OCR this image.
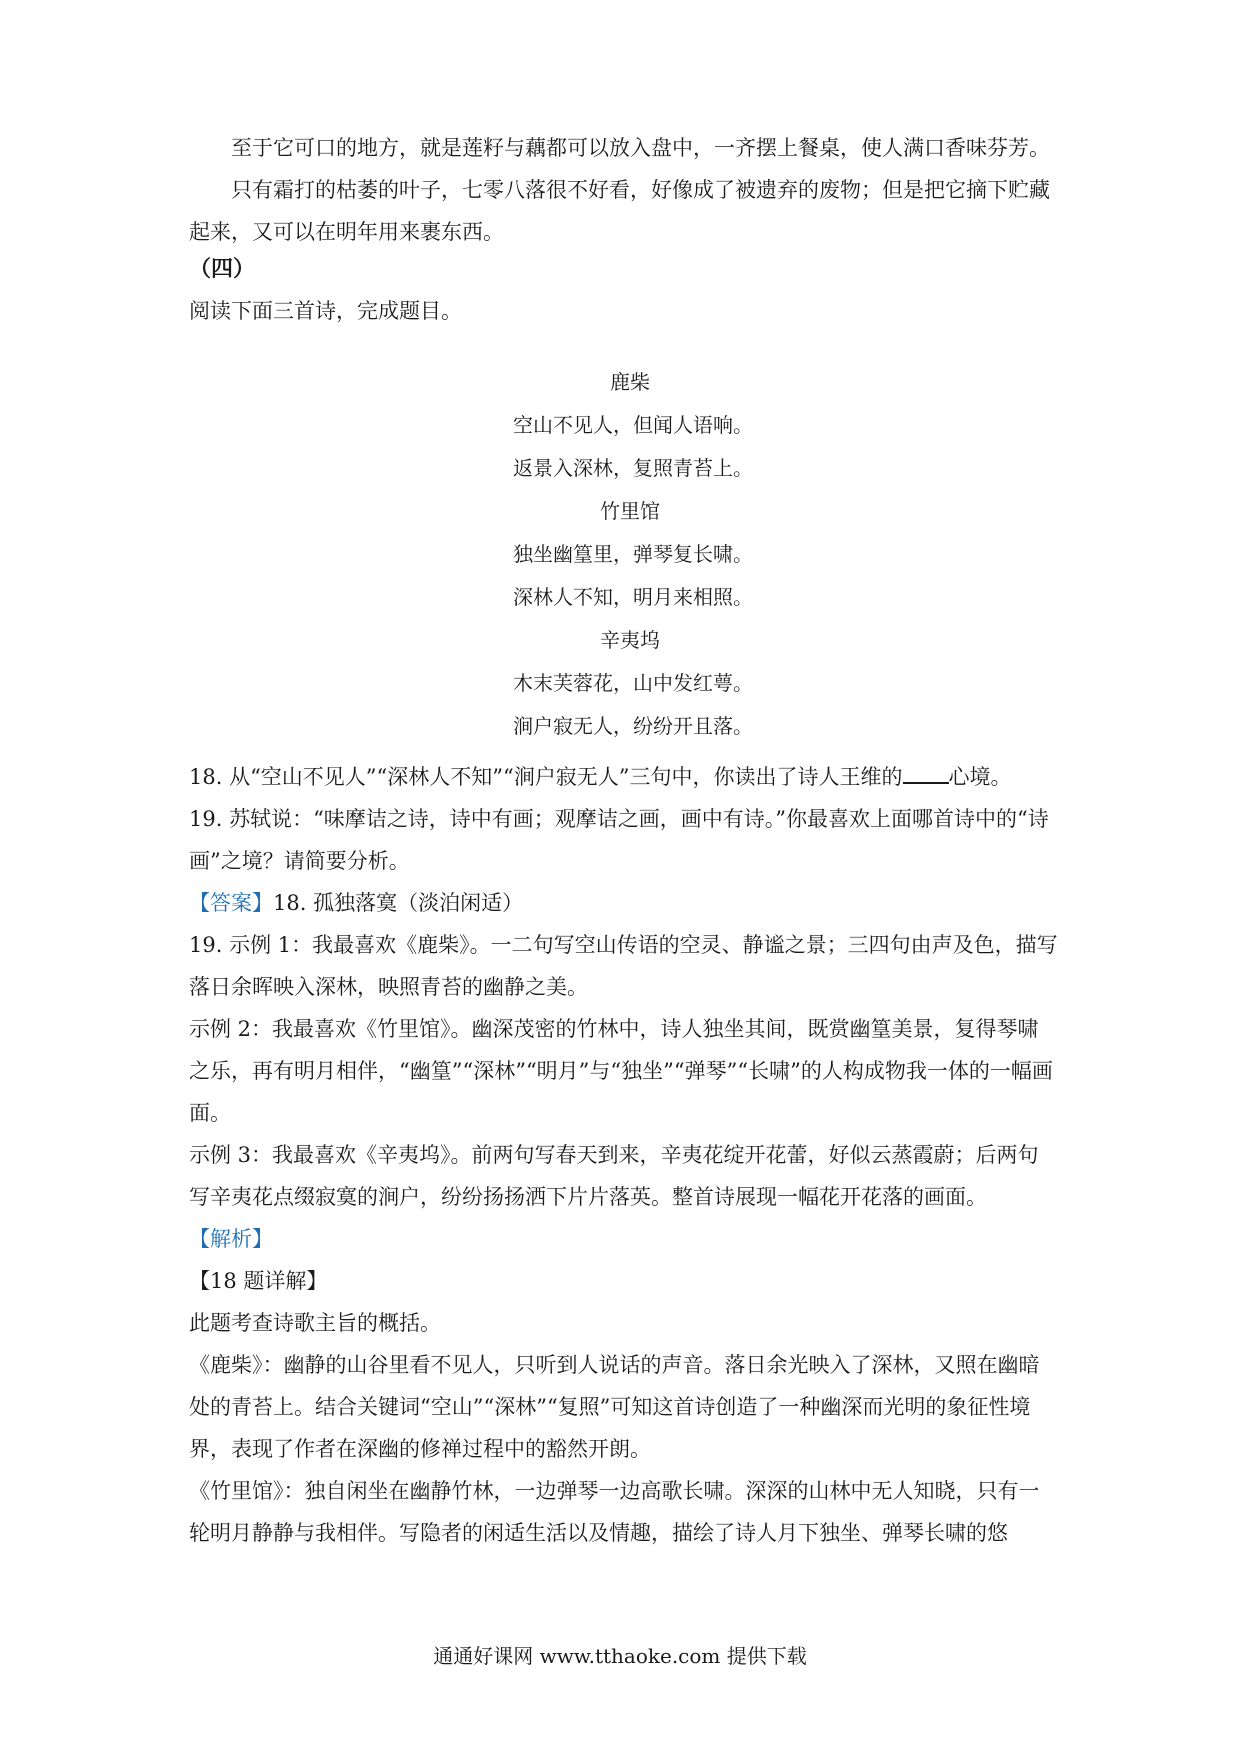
至于它可口的地方，就是莲籽与藕都可以放入盘中，一齐摆上餐桌，使人满口香味芬芳。

只有霜打的枯萎的叶子，七零八落很不好看，好像成了被遗弃的废物；但是把它摘下贮藏起来，又可以在明年用来裹东西。

（四）

阅读下面三首诗，完成题目。

鹿柴

空山不见人，但闻人语响。

返景入深林，复照青苔上。

竹里馆

独坐幽篁里，弹琴复长啸。

深林人不知，明月来相照。

辛夷坞

木末芙蓉花，山中发红萼。

涧户寂无人，纷纷开且落。

18. 从“空山不见人”“深林人不知”“涧户寂无人”三句中，你读出了诗人王维的 心境。

19. 苏轼说：“味摩诘之诗，诗中有画；观摩诘之画，画中有诗。”你最喜欢上面哪首诗中的“诗画”之境？请简要分析。

【答案】18. 孤独落寞（淡泊闲适）

19. 示例 1：我最喜欢《鹿柴》。一二句写空山传语的空灵、静谧之景；三四句由声及色，描写落日余晖映入深林，映照青苔的幽静之美。

示例 2：我最喜欢《竹里馆》。幽深茂密的竹林中，诗人独坐其间，既赏幽篁美景，复得琴啸之乐，再有明月相伴，“幽篁”“深林”“明月”与“独坐”“弹琴”“长啸”的人构成物我一体的一幅画面。

示例 3：我最喜欢《辛夷坞》。前两句写春天到来，辛夷花绽开花蕾，好似云蒸霞蔚；后两句写辛夷花点缀寂寞的涧户，纷纷扬扬洒下片片落英。整首诗展现一幅花开花落的画面。

【解析】

【18 题详解】

此题考查诗歌主旨的概括。

《鹿柴》：幽静的山谷里看不见人，只听到人说话的声音。落日余光映入了深林，又照在幽暗处的青苔上。结合关键词“空山”“深林”“复照”可知这首诗创造了一种幽深而光明的象征性境界，表现了作者在深幽的修禅过程中的豁然开朗。

《竹里馆》：独自闲坐在幽静竹林，一边弹琴一边高歌长啸。深深的山林中无人知晓，只有一轮明月静静与我相伴。写隐者的闲适生活以及情趣，描绘了诗人月下独坐、弹琴长啸的悠

通通好课网 www.tthaoke.com 提供下载
